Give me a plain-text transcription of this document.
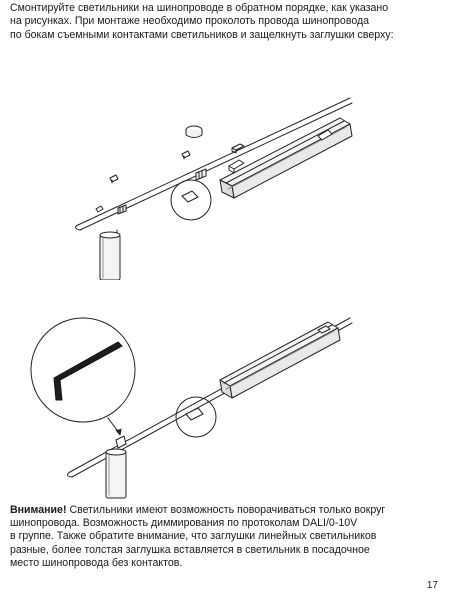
Смонтируйте светильники на шинопроводе в обратном порядке, как указано
на рисунках. При монтаже необходимо проколоть провода шинопровода
по бокам съемными контактами светильников и защелкнуть заглушки сверху:

Внимание! Светильники имеют возможность поворачиваться только вокруг
шинопровода. Возможность диммирования по протоколам DALI/0-10V
в группе. Также обратите внимание, что заглушки линейных светильников
разные, более толстая заглушка вставляется в светильник в посадочное
место шинопровода без контактов.

17
